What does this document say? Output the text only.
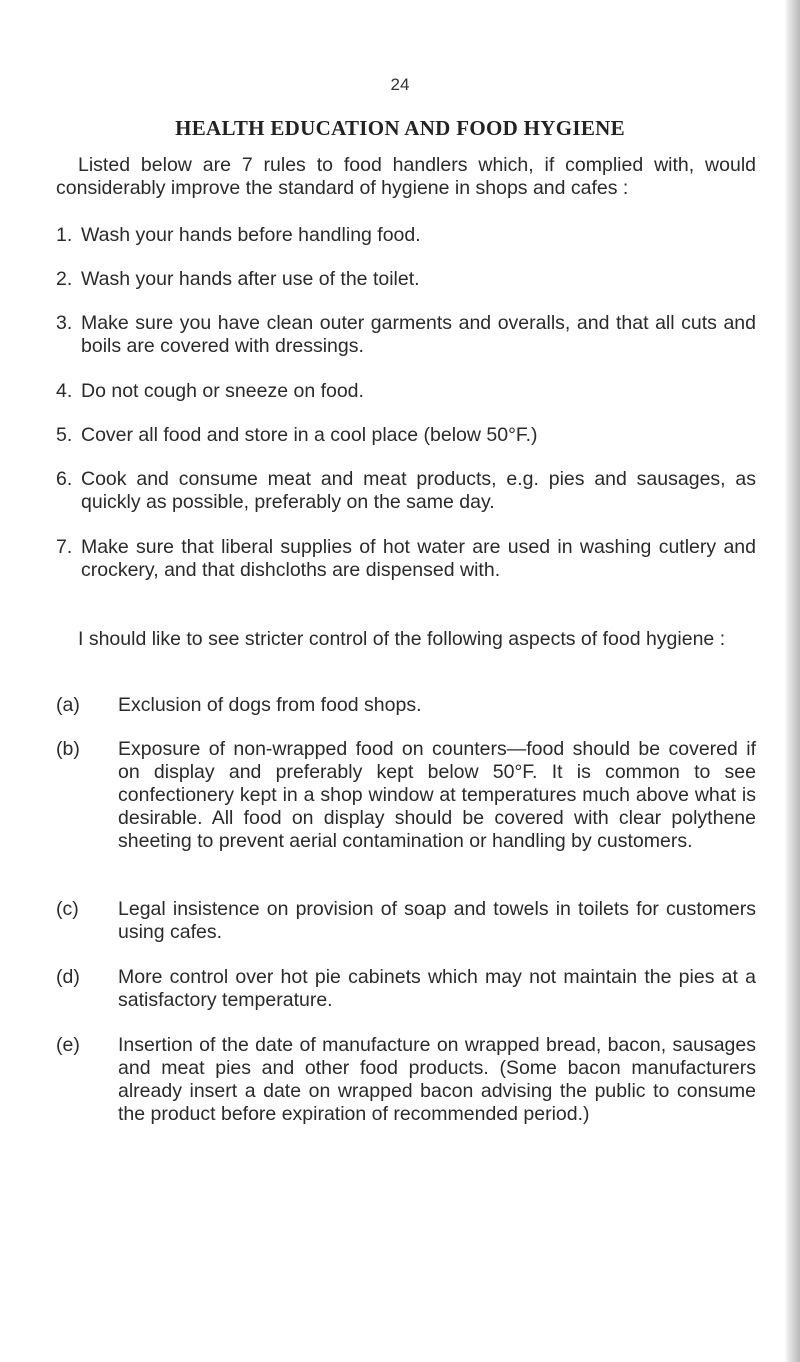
24
HEALTH EDUCATION AND FOOD HYGIENE
Listed below are 7 rules to food handlers which, if complied with, would considerably improve the standard of hygiene in shops and cafes :
1. Wash your hands before handling food.
2. Wash your hands after use of the toilet.
3. Make sure you have clean outer garments and overalls, and that all cuts and boils are covered with dressings.
4. Do not cough or sneeze on food.
5. Cover all food and store in a cool place (below 50°F.)
6. Cook and consume meat and meat products, e.g. pies and sausages, as quickly as possible, preferably on the same day.
7. Make sure that liberal supplies of hot water are used in washing cutlery and crockery, and that dishcloths are dispensed with.
I should like to see stricter control of the following aspects of food hygiene :
(a) Exclusion of dogs from food shops.
(b) Exposure of non-wrapped food on counters—food should be covered if on display and preferably kept below 50°F. It is common to see confectionery kept in a shop window at temperatures much above what is desirable. All food on display should be covered with clear polythene sheeting to prevent aerial contamination or handling by customers.
(c) Legal insistence on provision of soap and towels in toilets for customers using cafes.
(d) More control over hot pie cabinets which may not maintain the pies at a satisfactory temperature.
(e) Insertion of the date of manufacture on wrapped bread, bacon, sausages and meat pies and other food products. (Some bacon manufacturers already insert a date on wrapped bacon advising the public to consume the product before expiration of recommended period.)
